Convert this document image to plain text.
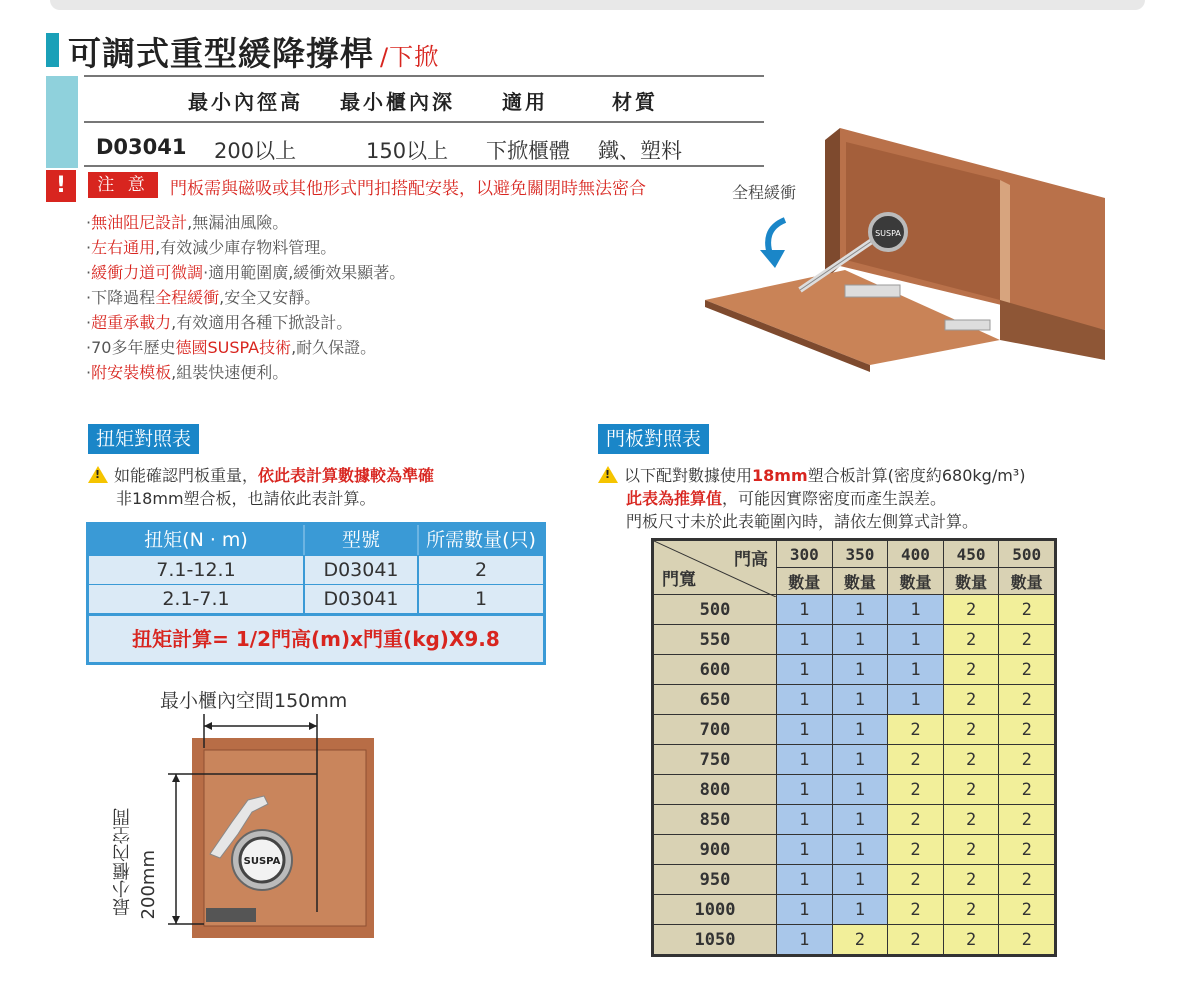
可調式重型緩降撐桿 /下掀
最小內徑高 最小櫃內深 適用	材質
D03041 200以上	150以上 下掀櫃體 鐵、塑料
!	注 意	門板需與磁吸或其他形式門扣搭配安裝，以避免關閉時無法密合
·無油阻尼設計,無漏油風險。
·左右通用,有效減少庫存物料管理。
·緩衝力道可微調·適用範圍廣,緩衝效果顯著。
·下降過程全程緩衝,安全又安靜。
·超重承載力,有效適用各種下掀設計。
·70多年歷史德國SUSPA技術,耐久保證。
·附安裝模板,組裝快速便利。
SUSPA
全程緩衝
扭矩對照表
!如能確認門板重量，依此表計算數據較為準確
非18mm塑合板，也請依此表計算。
扭矩(N · m)	型號	所需數量(只)
7.1-12.1	D03041	2
2.1-7.1	D03041	1
扭矩計算= 1/2門高(m)x門重(kg)X9.8
最小櫃內空間150mm
SUSPA
最小櫃內空間 200mm
門板對照表
!以下配對數據使用18mm塑合板計算(密度約680kg/m³)
此表為推算值，可能因實際密度而產生誤差。
門板尺寸未於此表範圍內時，請依左側算式計算。
門高
門寬	300	350	400	450	500
	數量	數量	數量	數量	數量
500	1	1	1	2	2
550	1	1	1	2	2
600	1	1	1	2	2
650	1	1	1	2	2
700	1	1	2	2	2
750	1	1	2	2	2
800	1	1	2	2	2
850	1	1	2	2	2
900	1	1	2	2	2
950	1	1	2	2	2
1000	1	1	2	2	2
1050	1	2	2	2	2
